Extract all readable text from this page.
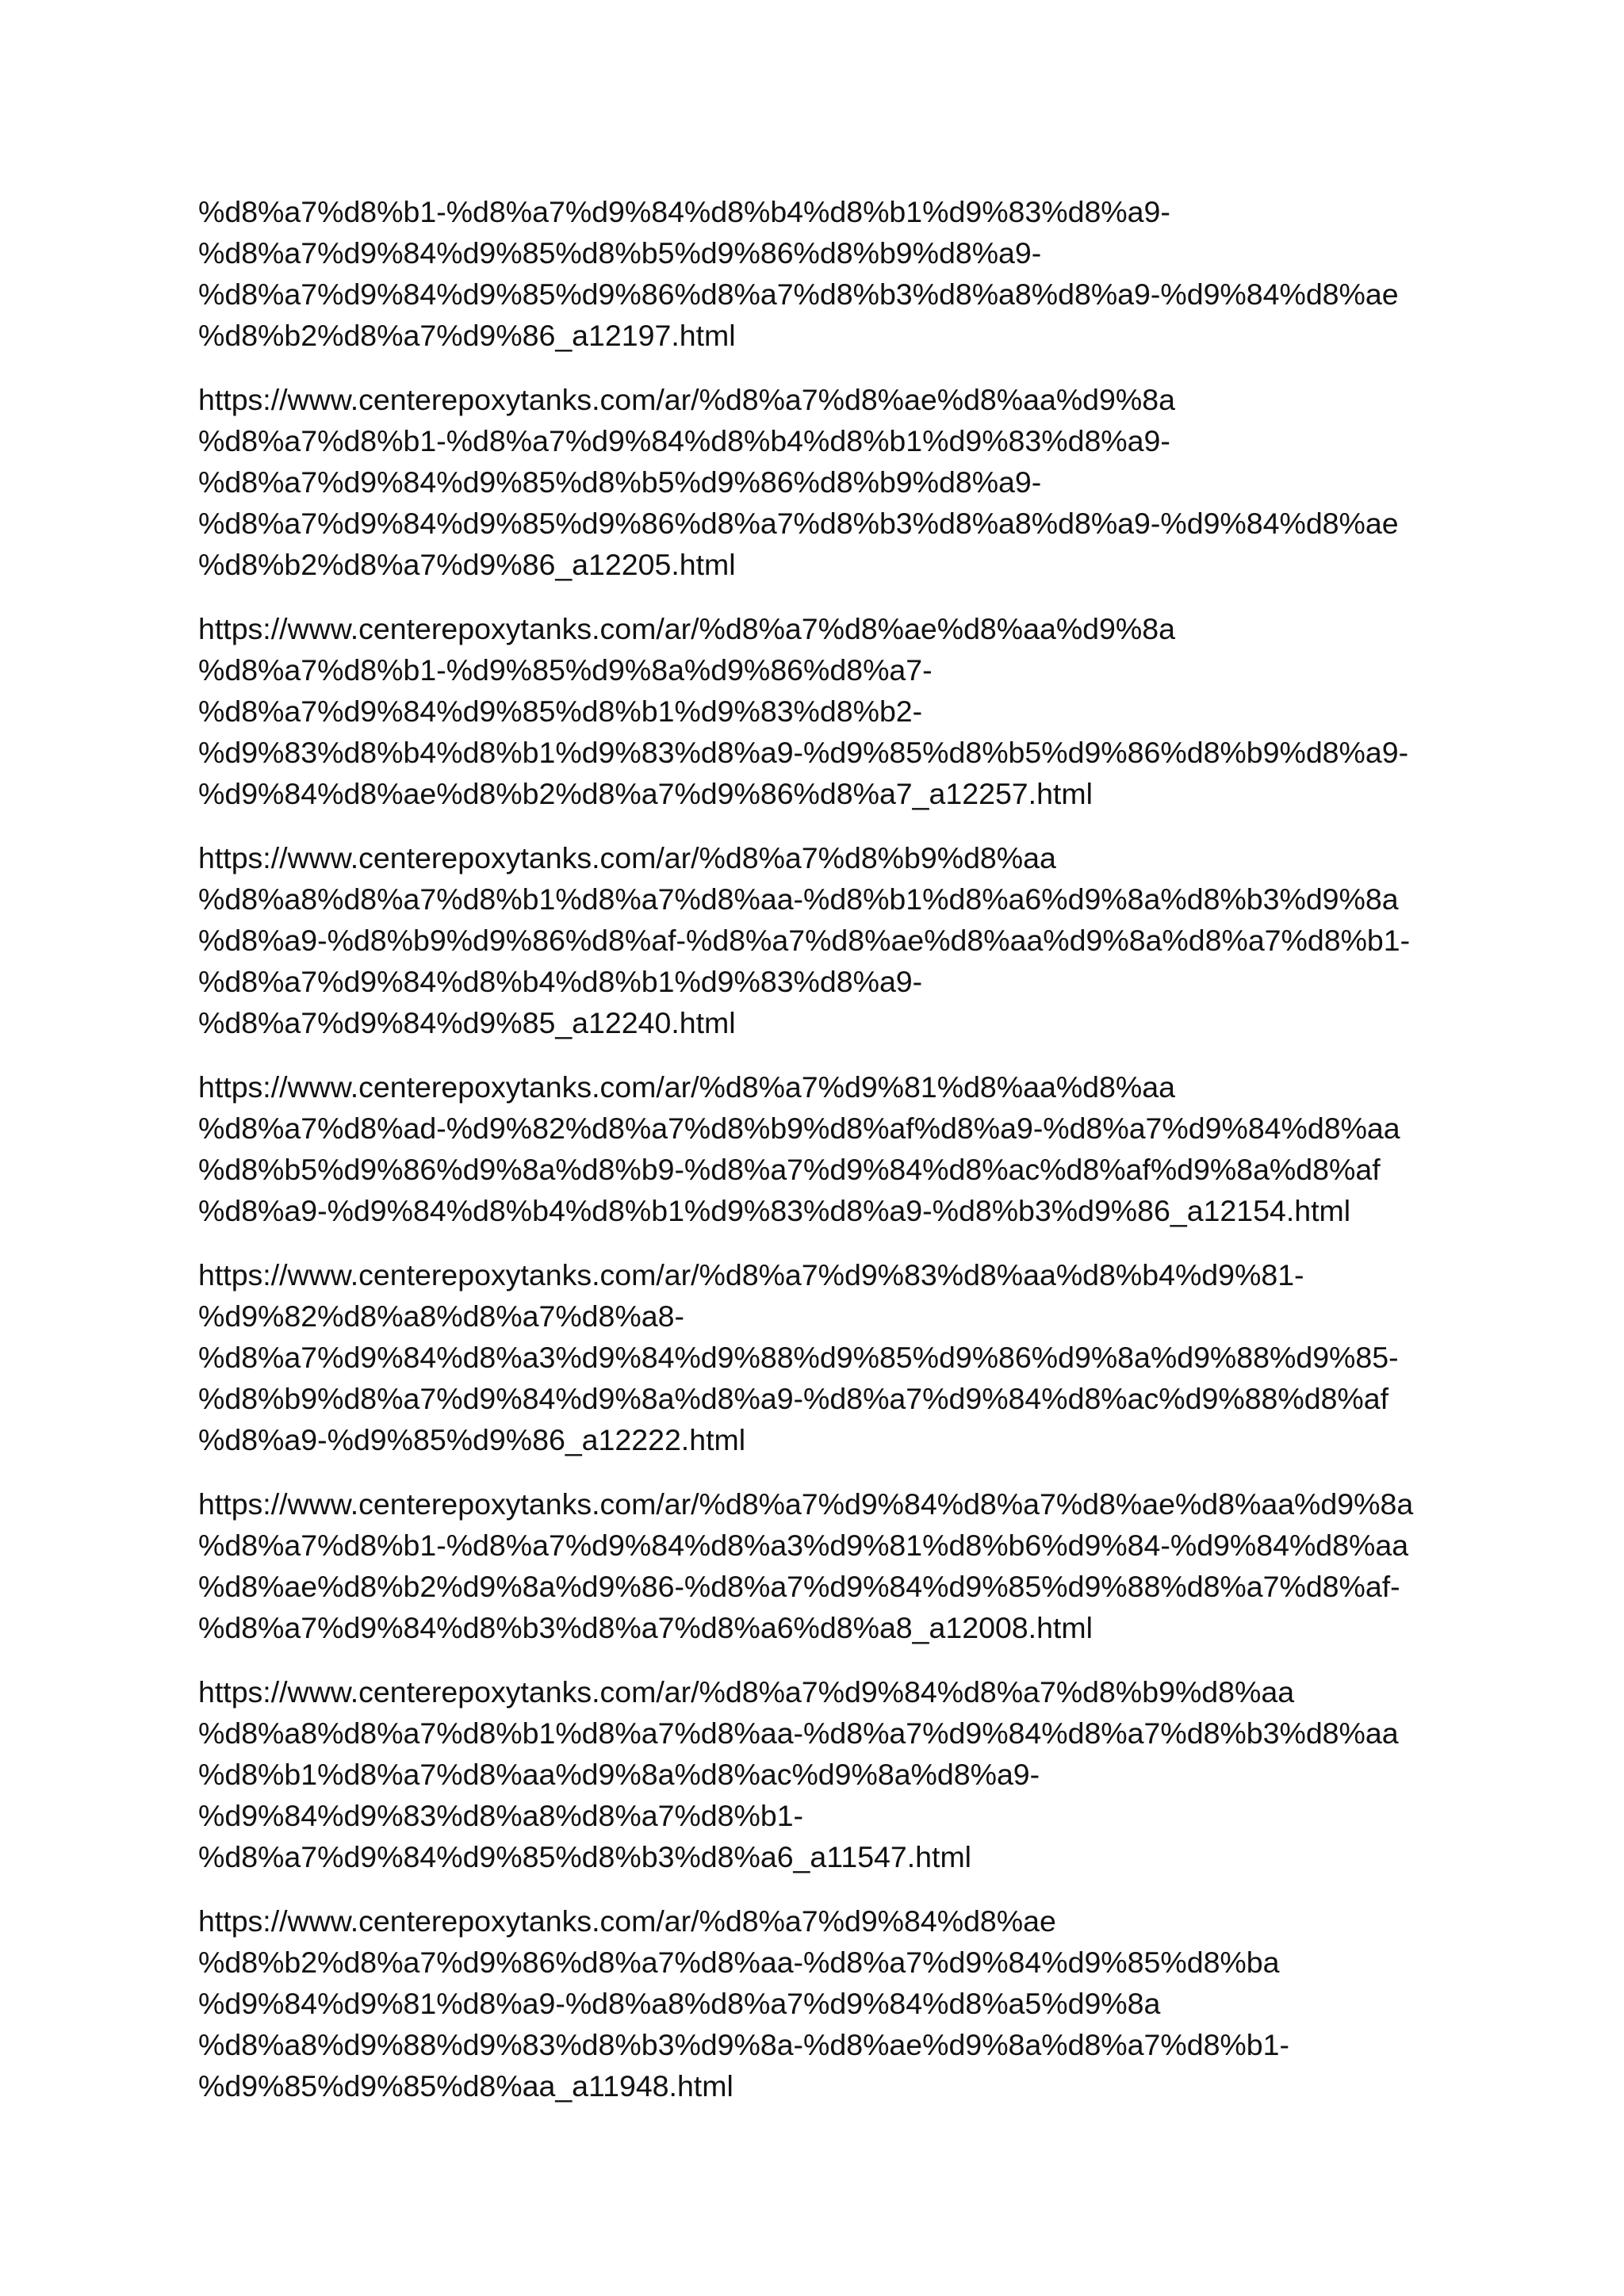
%d8%a7%d8%b1-%d8%a7%d9%84%d8%b4%d8%b1%d9%83%d8%a9-
%d8%a7%d9%84%d9%85%d8%b5%d9%86%d8%b9%d8%a9-
%d8%a7%d9%84%d9%85%d9%86%d8%a7%d8%b3%d8%a8%d8%a9-%d9%84%d8%ae
%d8%b2%d8%a7%d9%86_a12197.html
https://www.centerepoxytanks.com/ar/%d8%a7%d8%ae%d8%aa%d9%8a
%d8%a7%d8%b1-%d8%a7%d9%84%d8%b4%d8%b1%d9%83%d8%a9-
%d8%a7%d9%84%d9%85%d8%b5%d9%86%d8%b9%d8%a9-
%d8%a7%d9%84%d9%85%d9%86%d8%a7%d8%b3%d8%a8%d8%a9-%d9%84%d8%ae
%d8%b2%d8%a7%d9%86_a12205.html
https://www.centerepoxytanks.com/ar/%d8%a7%d8%ae%d8%aa%d9%8a
%d8%a7%d8%b1-%d9%85%d9%8a%d9%86%d8%a7-
%d8%a7%d9%84%d9%85%d8%b1%d9%83%d8%b2-
%d9%83%d8%b4%d8%b1%d9%83%d8%a9-%d9%85%d8%b5%d9%86%d8%b9%d8%a9-
%d9%84%d8%ae%d8%b2%d8%a7%d9%86%d8%a7_a12257.html
https://www.centerepoxytanks.com/ar/%d8%a7%d8%b9%d8%aa
%d8%a8%d8%a7%d8%b1%d8%a7%d8%aa-%d8%b1%d8%a6%d9%8a%d8%b3%d9%8a
%d8%a9-%d8%b9%d9%86%d8%af-%d8%a7%d8%ae%d8%aa%d9%8a%d8%a7%d8%b1-
%d8%a7%d9%84%d8%b4%d8%b1%d9%83%d8%a9-
%d8%a7%d9%84%d9%85_a12240.html
https://www.centerepoxytanks.com/ar/%d8%a7%d9%81%d8%aa%d8%aa
%d8%a7%d8%ad-%d9%82%d8%a7%d8%b9%d8%af%d8%a9-%d8%a7%d9%84%d8%aa
%d8%b5%d9%86%d9%8a%d8%b9-%d8%a7%d9%84%d8%ac%d8%af%d9%8a%d8%af
%d8%a9-%d9%84%d8%b4%d8%b1%d9%83%d8%a9-%d8%b3%d9%86_a12154.html
https://www.centerepoxytanks.com/ar/%d8%a7%d9%83%d8%aa%d8%b4%d9%81-
%d9%82%d8%a8%d8%a7%d8%a8-
%d8%a7%d9%84%d8%a3%d9%84%d9%88%d9%85%d9%86%d9%8a%d9%88%d9%85-
%d8%b9%d8%a7%d9%84%d9%8a%d8%a9-%d8%a7%d9%84%d8%ac%d9%88%d8%af
%d8%a9-%d9%85%d9%86_a12222.html
https://www.centerepoxytanks.com/ar/%d8%a7%d9%84%d8%a7%d8%ae%d8%aa%d9%8a
%d8%a7%d8%b1-%d8%a7%d9%84%d8%a3%d9%81%d8%b6%d9%84-%d9%84%d8%aa
%d8%ae%d8%b2%d9%8a%d9%86-%d8%a7%d9%84%d9%85%d9%88%d8%a7%d8%af-
%d8%a7%d9%84%d8%b3%d8%a7%d8%a6%d8%a8_a12008.html
https://www.centerepoxytanks.com/ar/%d8%a7%d9%84%d8%a7%d8%b9%d8%aa
%d8%a8%d8%a7%d8%b1%d8%a7%d8%aa-%d8%a7%d9%84%d8%a7%d8%b3%d8%aa
%d8%b1%d8%a7%d8%aa%d9%8a%d8%ac%d9%8a%d8%a9-
%d9%84%d9%83%d8%a8%d8%a7%d8%b1-
%d8%a7%d9%84%d9%85%d8%b3%d8%a6_a11547.html
https://www.centerepoxytanks.com/ar/%d8%a7%d9%84%d8%ae
%d8%b2%d8%a7%d9%86%d8%a7%d8%aa-%d8%a7%d9%84%d9%85%d8%ba
%d9%84%d9%81%d8%a9-%d8%a8%d8%a7%d9%84%d8%a5%d9%8a
%d8%a8%d9%88%d9%83%d8%b3%d9%8a-%d8%ae%d9%8a%d8%a7%d8%b1-
%d9%85%d9%85%d8%aa_a11948.html
